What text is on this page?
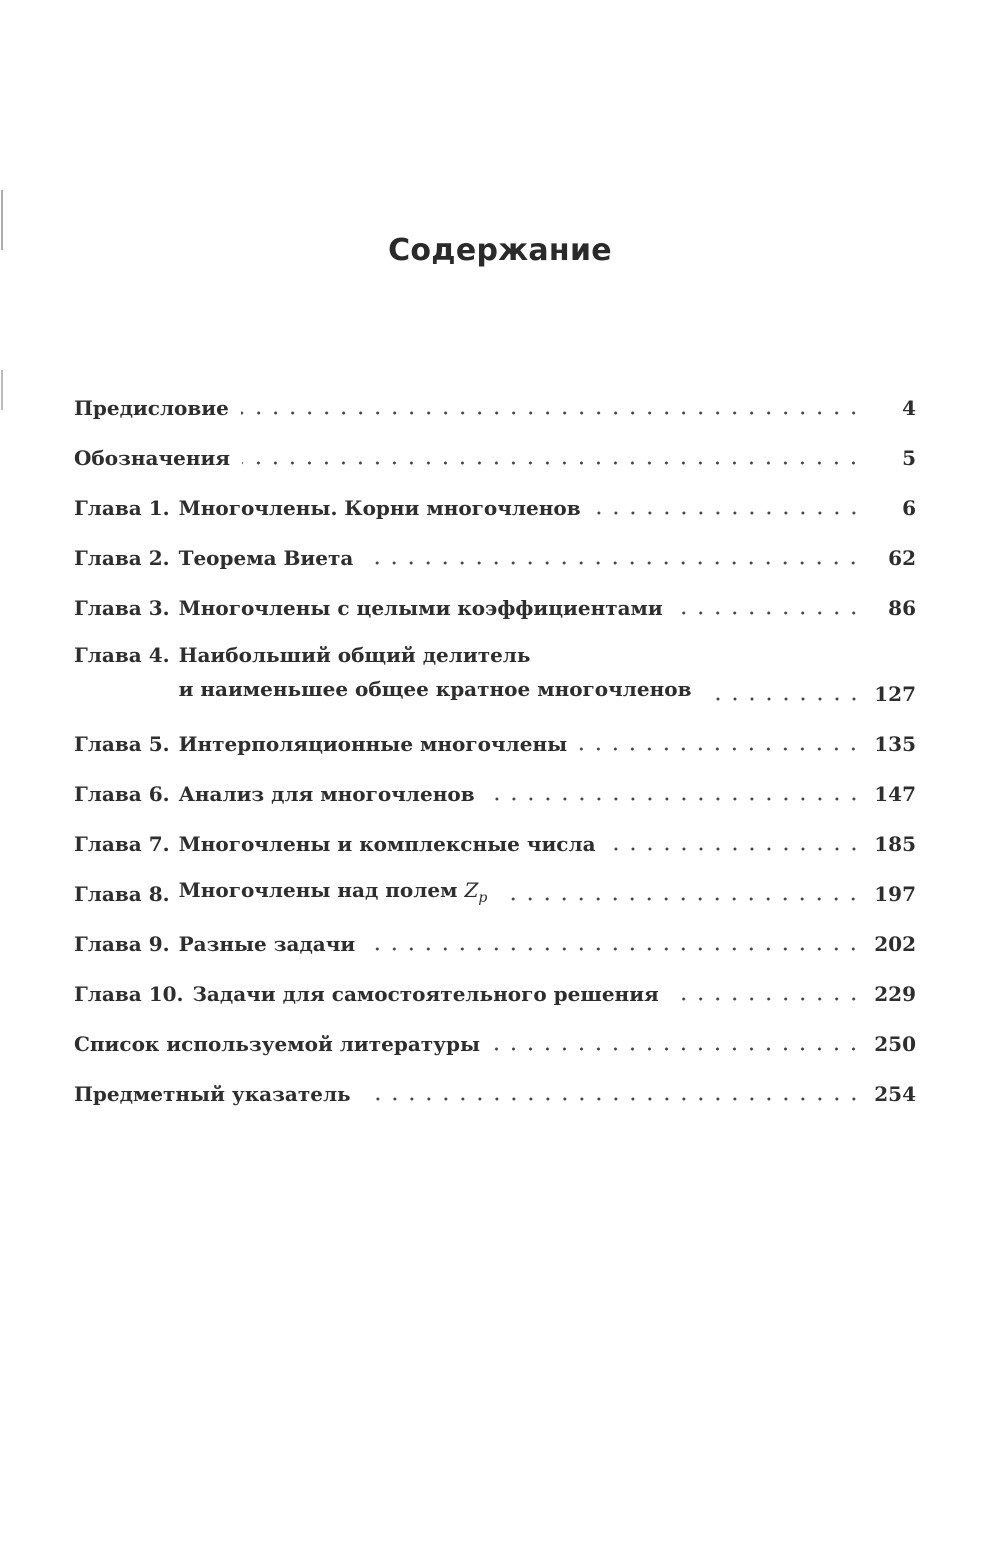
Содержание
Предисловие	4
Обозначения	5
Глава 1. Многочлены. Корни многочленов	6
Глава 2. Теорема Виета	62
Глава 3. Многочлены с целыми коэффициентами	86
Глава 4. Наибольший общий делитель
и наименьшее общее кратное многочленов	127
Глава 5. Интерполяционные многочлены	135
Глава 6. Анализ для многочленов	147
Глава 7. Многочлены и комплексные числа	185
Глава 8. Многочлены над полем $Z_p$	197
Глава 9. Разные задачи	202
Глава 10. Задачи для самостоятельного решения	229
Список используемой литературы	250
Предметный указатель	254
